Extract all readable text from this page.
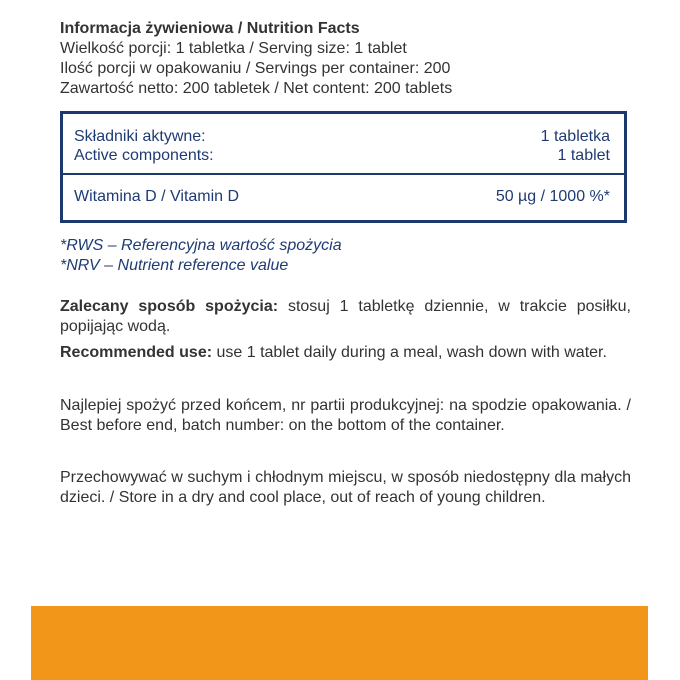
Informacja żywieniowa / Nutrition Facts
Wielkość porcji: 1 tabletka / Serving size: 1 tablet
Ilość porcji w opakowaniu / Servings per container: 200
Zawartość netto: 200 tabletek / Net content: 200 tablets
Składniki aktywne:
Active components:
1 tabletka
1 tablet
Witamina D / Vitamin D	50 µg / 1000 %*
*RWS – Referencyjna wartość spożycia
*NRV – Nutrient reference value
Zalecany sposób spożycia: stosuj 1 tabletkę dziennie, w trakcie posiłku, popijając wodą.
Recommended use: use 1 tablet daily during a meal, wash down with water.
Najlepiej spożyć przed końcem, nr partii produkcyjnej: na spodzie opakowania. / Best before end, batch number: on the bottom of the container.
Przechowywać w suchym i chłodnym miejscu, w sposób niedostępny dla małych dzieci. / Store in a dry and cool place, out of reach of young children.
